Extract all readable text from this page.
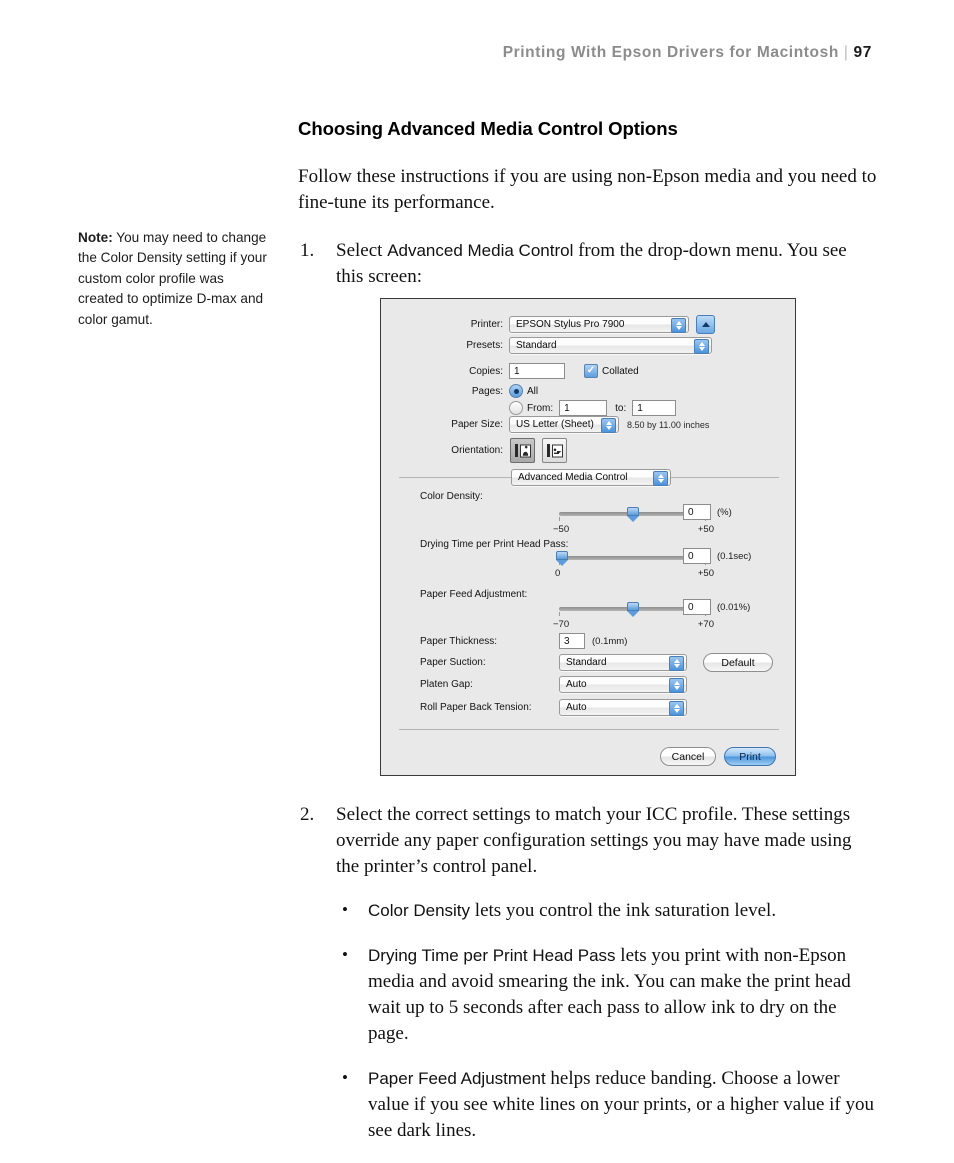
Printing With Epson Drivers for Macintosh | 97
Note: You may need to change the Color Density setting if your custom color profile was created to optimize D-max and color gamut.
Choosing Advanced Media Control Options

Follow these instructions if you are using non-Epson media and you need to fine-tune its performance.

1. Select Advanced Media Control from the drop-down menu. You see this screen:
Printer: EPSON Stylus Pro 7900
Presets: Standard
Copies: 1	✓ Collated
Pages: All
From: 1	to: 1
Paper Size: US Letter (Sheet)	8.50 by 11.00 inches
Orientation:
Advanced Media Control
Color Density:
−50	+50
0 (%)
Drying Time per Print Head Pass:
0	+50
0 (0.1sec)
Paper Feed Adjustment:
−70	+70
0 (0.01%)
Paper Thickness:	3 (0.1mm)
Paper Suction:	Standard	Default
Platen Gap:	Auto
Roll Paper Back Tension:	Auto
Cancel	Print
2. Select the correct settings to match your ICC profile. These settings override any paper configuration settings you may have made using the printer’s control panel.
• Color Density lets you control the ink saturation level.
• Drying Time per Print Head Pass lets you print with non-Epson media and avoid smearing the ink. You can make the print head wait up to 5 seconds after each pass to allow ink to dry on the page.
• Paper Feed Adjustment helps reduce banding. Choose a lower value if you see white lines on your prints, or a higher value if you see dark lines.
